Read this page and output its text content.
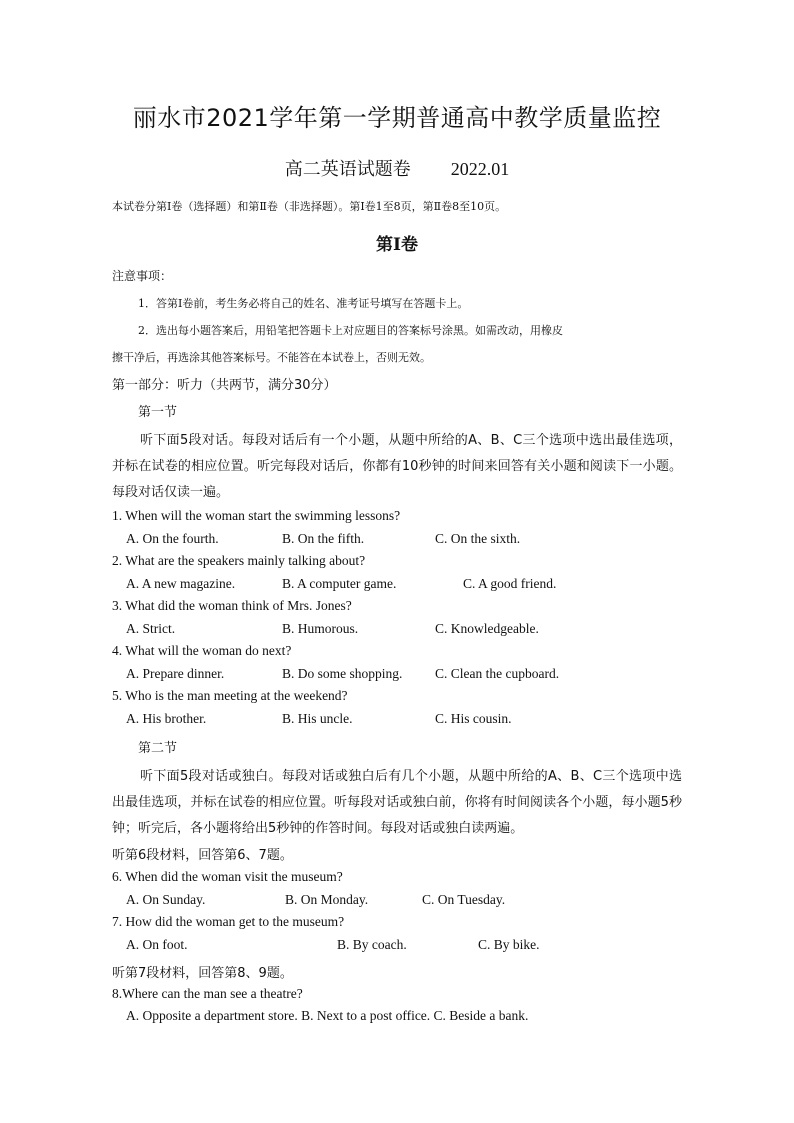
丽水市2021学年第一学期普通高中教学质量监控
高二英语试题卷 2022.01
本试卷分第Ⅰ卷（选择题）和第Ⅱ卷（非选择题）。第Ⅰ卷1至8页，第Ⅱ卷8至10页。
第Ⅰ卷
注意事项：
1．答第Ⅰ卷前，考生务必将自己的姓名、准考证号填写在答题卡上。
2．选出每小题答案后，用铅笔把答题卡上对应题目的答案标号涂黑。如需改动，用橡皮
擦干净后，再选涂其他答案标号。不能答在本试卷上，否则无效。
第一部分：听力（共两节，满分30分）
第一节
听下面5段对话。每段对话后有一个小题，从题中所给的A、B、C三个选项中选出最佳选项，并标在试卷的相应位置。听完每段对话后，你都有10秒钟的时间来回答有关小题和阅读下一小题。每段对话仅读一遍。
1. When will the woman start the swimming lessons?
A. On the fourth.	B. On the fifth.	C. On the sixth.
2. What are the speakers mainly talking about?
A. A new magazine.	B. A computer game.	C. A good friend.
3. What did the woman think of Mrs. Jones?
A. Strict.	B. Humorous.	C. Knowledgeable.
4. What will the woman do next?
A. Prepare dinner.	B. Do some shopping. C. Clean the cupboard.
5. Who is the man meeting at the weekend?
A. His brother.	B. His uncle.	C. His cousin.
第二节
听下面5段对话或独白。每段对话或独白后有几个小题，从题中所给的A、B、C三个选项中选出最佳选项，并标在试卷的相应位置。听每段对话或独白前，你将有时间阅读各个小题，每小题5秒钟；听完后，各小题将给出5秒钟的作答时间。每段对话或独白读两遍。
听第6段材料，回答第6、7题。
6. When did the woman visit the museum?
A. On Sunday.	B. On Monday.	C. On Tuesday.
7. How did the woman get to the museum?
A. On foot.	B. By coach.	C. By bike.
听第7段材料，回答第8、9题。
8.Where can the man see a theatre?
A. Opposite a department store. B. Next to a post office. C. Beside a bank.
